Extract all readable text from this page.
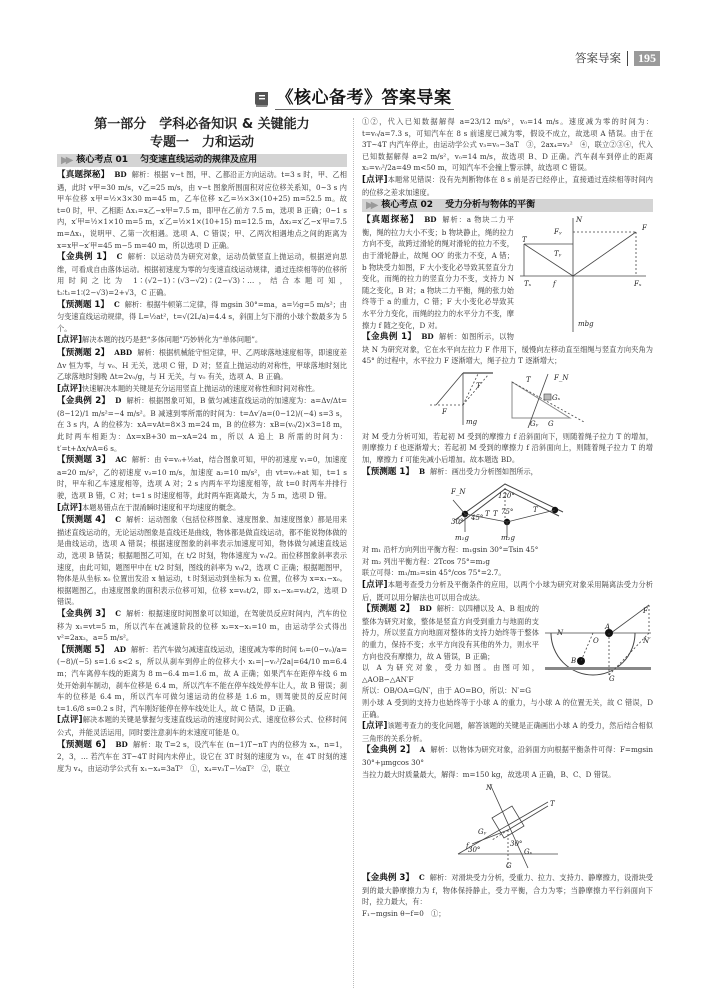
答案导案	195
《核心备考》答案导案
第一部分　学科必备知识 & 关键能力
专题一　力和运动
▶▶ 核心考点 01 匀变速直线运动的规律及应用

【真题探秘】 BD 解析：根据 v−t 图，甲、乙都沿正方向运动。t=3 s 时，甲、乙相遇，此时 v甲=30 m/s，v乙=25 m/s，由 v−t 图象所围面积对应位移关系知，0~3 s 内甲车位移 x甲=½×3×30 m=45 m，乙车位移 x乙=½×3×(10+25) m=52.5 m。故 t=0 时，甲、乙相距 Δx₁=x乙−x甲=7.5 m，即甲在乙前方 7.5 m，选项 B 正确；0~1 s 内，x′甲=½×1×10 m=5 m，x′乙=½×1×(10+15) m=12.5 m，Δx₂=x′乙−x′甲=7.5 m=Δx₁，说明甲、乙第一次相遇。选项 A、C 错误；甲、乙两次相遇地点之间的距离为 x=x甲−x′甲=45 m−5 m=40 m，所以选项 D 正确。

【金典例 1】 C 解析：以运动员为研究对象，运动员做竖直上抛运动，根据逆向思维，可看成自由落体运动。根据初速度为零的匀变速直线运动规律，通过连续相等的位移所用时间之比为 1∶(√2−1)∶(√3−√2)∶(2−√3)∶…，结合本题可知，t₂∶t₁=1∶(2−√3)=2+√3，C 正确。

【预测题 1】 C 解析：根据牛顿第二定律，得 mgsin 30°=ma，a=½g=5 m/s²；由匀变速直线运动规律，得 L=½at²，t=√(2L/a)=4.4 s，斜面上匀下滑的小球个数最多为 5 个。

[点评]解决本题的技巧是把“多体问题”巧妙转化为“单体问题”。

【预测题 2】 ABD 解析：根据机械能守恒定律，甲、乙两球落地速度相等，即速度差 Δv 恒为零，与 v₀、H 无关，选项 C 错，D 对；竖直上抛运动的对称性，甲球落地时刻比乙球落地时刻晚 Δt=2v₀/g，与 H 无关，与 v₀ 有关，选项 A、B 正确。

[点评]快速解决本题的关键是充分运用竖直上抛运动的速度对称性和时间对称性。

【金典例 2】 D 解析：根据图象可知，B 做匀减速直线运动的加速度为：a=Δv/Δt=(8−12)/1 m/s²=−4 m/s²。B 减速到零所需的时间为：t=Δv′/a=(0−12)/(−4) s=3 s，在 3 s 内，A 的位移为：xA=vAt=8×3 m=24 m，B 的位移为：xB=(v₀/2)×3=18 m，此时两车相距为：Δx=xB+30 m−xA=24 m，所以 A 追上 B 所需的时间为：t′=t+Δx/vA=6 s。

【预测题 3】 AC 解析：由 v̄=v₀+½at，结合图象可知，甲的初速度 v₁=0，加速度 a=20 m/s²，乙的初速度 v₂=10 m/s，加速度 a₂=10 m/s²，由 vt=v₀+at 知，t=1 s 时，甲车和乙车速度相等，选项 A 对；2 s 内两车平均速度相等，故 t=0 时两车并排行驶，选项 B 错，C 对；t=1 s 时速度相等，此时两车距离最大，为 5 m，选项 D 错。

[点评]本题易错点在于混淆瞬时速度和平均速度的概念。

【预测题 4】 C 解析：运动图象（包括位移图象、速度图象、加速度图象）都是用来描述直线运动的，无论运动图象是直线还是曲线，物体都是做直线运动，都不能说物体做的是曲线运动，选项 A 错误；根据速度图象的斜率表示加速度可知，物体做匀减速直线运动，选项 B 错误；根据题图乙可知，在 t/2 时刻，物体速度为 v₀/2。而位移图象斜率表示速度，由此可知，题图甲中在 t/2 时刻，图线的斜率为 v₀/2，选项 C 正确；根据题图甲，物体是从坐标 x₀ 位置出发沿 x 轴运动，t 时刻运动到坐标为 x₁ 位置，位移为 x=x₁−x₀。根据题图乙，由速度图象的面积表示位移可知，位移 x=v₀t/2，即 x₁−x₀=v₀t/2，选项 D 错误。

【金典例 3】 C 解析：根据速度时间图象可以知道，在驾驶员反应时间内，汽车的位移为 x₁=vt=5 m，所以汽车在减速阶段的位移 x₂=x−x₁=10 m，由运动学公式得出 v²=2ax₂，a=5 m/s²。

【预测题 5】 AD 解析：若汽车做匀减速直线运动，速度减为零的时间 t₀=(0−v₀)/a=(−8)/(−5) s=1.6 s<2 s，所以从刹车到停止的位移大小 x₁=|−v₀²/2a|=64/10 m=6.4 m；汽车离停车线的距离为 8 m−6.4 m=1.6 m，故 A 正确；如果汽车在距停车线 6 m 处开始刹车制动，刹车位移是 6.4 m，所以汽车不能在停车线处停车让人，故 B 错误；刹车的位移是 6.4 m，所以汽车可做匀速运动的位移是 1.6 m，则驾驶员的反应时间 t=1.6/8 s=0.2 s 时，汽车刚好能停在停车线处让人，故 C 错误，D 正确。

[点评]解决本题的关键是掌握匀变速直线运动的速度时间公式、速度位移公式、位移时间公式，并能灵活运用，同时要注意刹车的末速度可能是 0。

【预测题 6】 BD 解析：取 T=2 s，设汽车在 (n−1)T~nT 内的位移为 xₙ，n=1，2，3，… 若汽车在 3T~4T 时间内未停止，设它在 3T 时刻的速度为 v₃，在 4T 时刻的速度为 v₄，由运动学公式有 x₁−x₄=3aT²　①，x₄=v₃T−½aT²　②，联立

①②，代入已知数据解得 a=23/12 m/s²，v₀=14 m/s。速度减为零的时间为：t=v₀/a=7.3 s，可知汽车在 8 s 前速度已减为零，假设不成立，故选项 A 错误。由于在 3T~4T 内汽车停止，由运动学公式 v₃=v₀−3aT　③，2ax₄=v₃²　④，联立②③④，代入已知数据解得 a=2 m/s²，v₀=14 m/s，故选项 B、D 正确。汽车刹车到停止的距离 x₂=v₀²/2a=49 m<50 m，可知汽车不会撞上警示牌，故选项 C 错误。

[点评]本题常见错误：没有先判断物体在 8 s 前是否已经停止，直接通过连续相等时间内的位移之差求加速度。

▶▶ 核心考点 02 受力分析与物体的平衡

N
F
Fᵧ
T
Tᵧ
Tₓ	f	Fₓ
mbg
【真题探秘】 BD 解析：a 物块二力平衡，绳的拉力大小不变；b 物块静止，绳的拉力方向不变，故跨过滑轮的绳对滑轮的拉力不变，由于滑轮静止，故绳 OO′ 的张力不变，A 错；b 物块受力如图，F 大小变化必导致其竖直分力变化，而绳的拉力的竖直分力不变，支持力 N 随之变化，B 对；a 物块二力平衡，绳的张力始终等于 a 的重力，C 错；F 大小变化必导致其水平分力变化，而绳的拉力的水平分力不变，摩擦力 f 随之变化，D 对。

【金典例 1】 BD 解析：如图所示，以物块 N 为研究对象，它在水平向左拉力 F 作用下，缓慢向左移动直至细绳与竖直方向夹角为 45° 的过程中，水平拉力 F 逐渐增大，绳子拉力 T 逐渐增大；

T
F
mg
T	F_N
Gₓ
Gᵧ G

对 M 受力分析可知，若起初 M 受到的摩擦力 f 沿斜面向下，则随着绳子拉力 T 的增加，则摩擦力 f 也逐渐增大；若起初 M 受到的摩擦力 f 沿斜面向上，则随着绳子拉力 T 的增加，摩擦力 f 可能先减小后增加。故本题选 BD。

【预测题 1】 B 解析：画出受力分析图如图所示，

F_N	120°
30° 45° T T 75°	T
m₁g	m₂g

对 m₁ 沿杆方向列出平衡方程：m₁gsin 30°=Tsin 45°

对 m₂ 列出平衡方程：2Tcos 75°=m₂g

联立可得：m₁/m₂=sin 45°/cos 75°=2.7。

[点评]本题考查受力分析及平衡条件的应用，以两个小球为研究对象采用隔离法受力分析后，既可以用分解法也可以用合成法。

F
N
A
O	N′
B
G
【预测题 2】 BD 解析：以四槽以及 A、B 组成的整体为研究对象，整体是竖直方向受到重力与地面的支持力，所以竖直方向地面对整体的支持力始终等于整体的重力，保持不变；水平方向没有其他的外力，则水平方向也没有摩擦力，故 A 错误，B 正确；

以 A 为研究对象，受力如图。由图可知，△AOB∽△AN′F

所以：OB/OA=G/N′，由于 AO=BO，所以：N′=G

则小球 A 受到的支持力也始终等于小球 A 的重力，与小球 A 的位置无关，故 C 错误，D 正确。

[点评]该题考查力的变化问题，解答该题的关键是正确画出小球 A 的受力，然后结合相似三角形的关系分析。

【金典例 2】 A 解析：以物体为研究对象，沿斜面方向根据平衡条件可得：F=mgsin 30°+μmgcos 30°

当拉力最大时质量最大，解得：m=150 kg，故选项 A 正确，B、C、D 错误。

N
T
Gᵧ
f	30°
30°	Gₓ
G

【金典例 3】 C 解析：对滑块受力分析，受重力、拉力、支持力、静摩擦力，设滑块受到的最大静摩擦力为 f，物体保持静止，受力平衡，合力为零；当静摩擦力平行斜面向下时，拉力最大，有：

F₁−mgsin θ−f=0　①；
